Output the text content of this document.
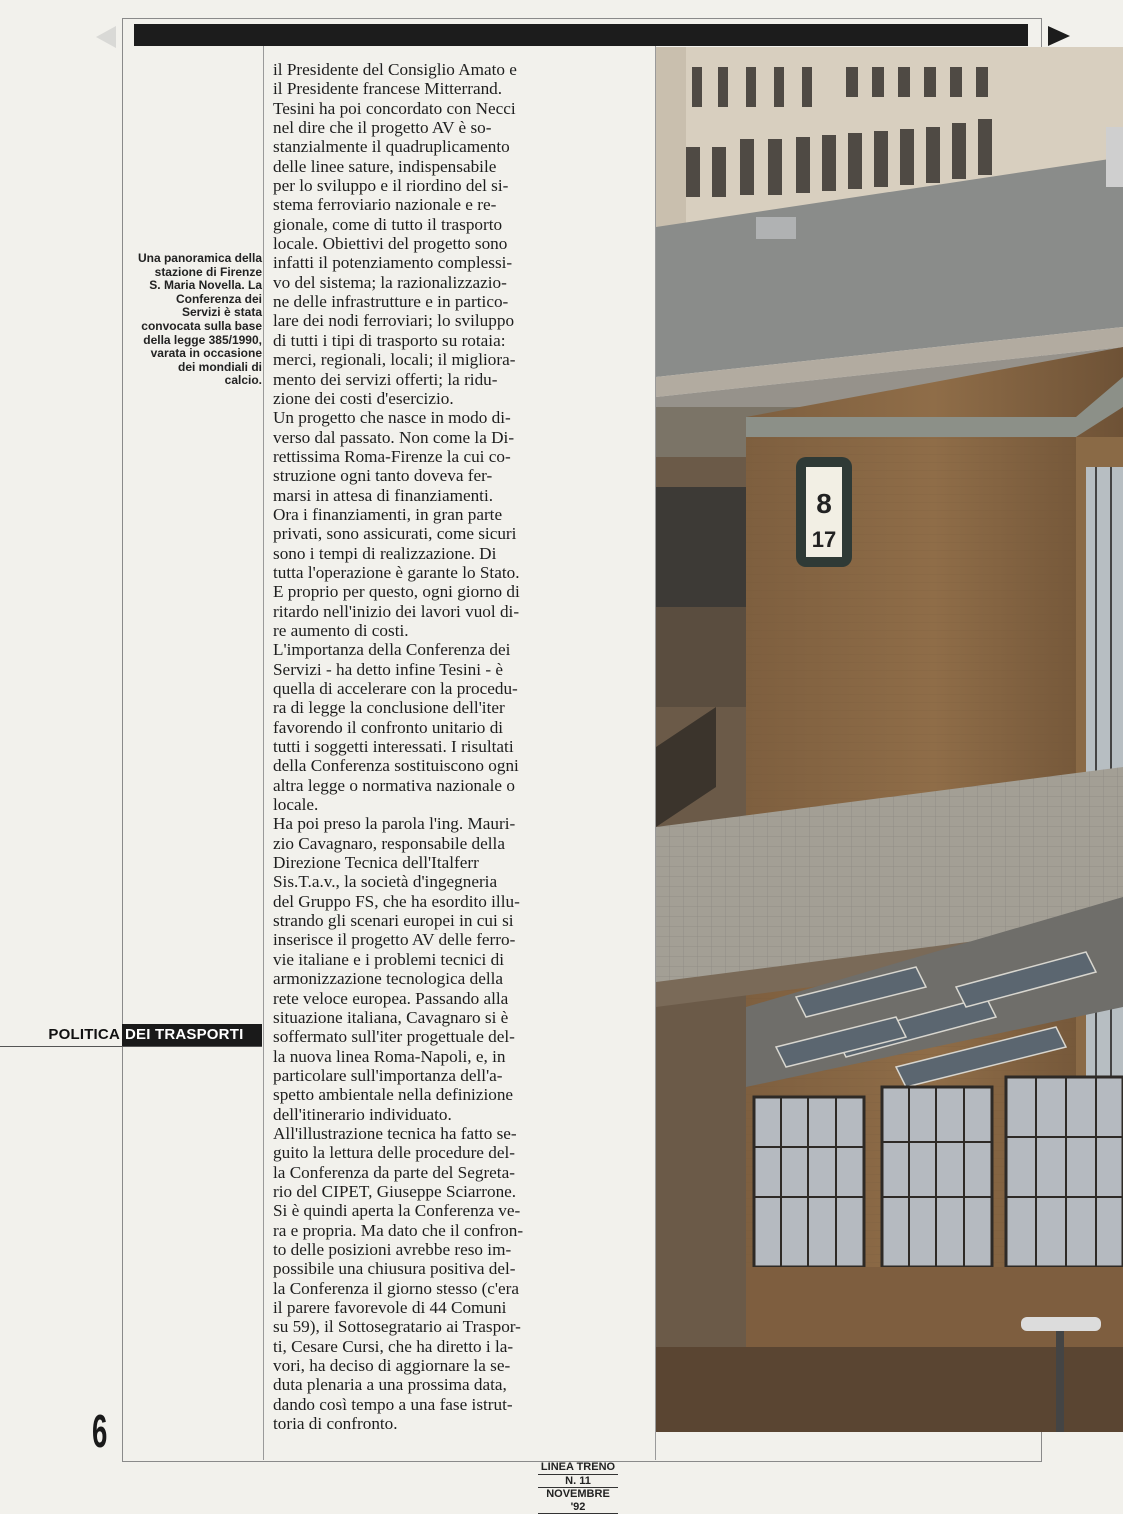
Una panoramica della
stazione di Firenze
S. Maria Novella. La
Conferenza dei
Servizi è stata
convocata sulla base
della legge 385/1990,
varata in occasione
dei mondiali di
calcio.
POLITICA DEI TRASPORTI
6
il Presidente del Consiglio Amato e
il Presidente francese Mitterrand.
Tesini ha poi concordato con Necci
nel dire che il progetto AV è so-
stanzialmente il quadruplicamento
delle linee sature, indispensabile
per lo sviluppo e il riordino del si-
stema ferroviario nazionale e re-
gionale, come di tutto il trasporto
locale. Obiettivi del progetto sono
infatti il potenziamento complessi-
vo del sistema; la razionalizzazio-
ne delle infrastrutture e in partico-
lare dei nodi ferroviari; lo sviluppo
di tutti i tipi di trasporto su rotaia:
merci, regionali, locali; il migliora-
mento dei servizi offerti; la ridu-
zione dei costi d'esercizio.
Un progetto che nasce in modo di-
verso dal passato. Non come la Di-
rettissima Roma-Firenze la cui co-
struzione ogni tanto doveva fer-
marsi in attesa di finanziamenti.
Ora i finanziamenti, in gran parte
privati, sono assicurati, come sicuri
sono i tempi di realizzazione. Di
tutta l'operazione è garante lo Stato.
E proprio per questo, ogni giorno di
ritardo nell'inizio dei lavori vuol di-
re aumento di costi.
L'importanza della Conferenza dei
Servizi - ha detto infine Tesini - è
quella di accelerare con la procedu-
ra di legge la conclusione dell'iter
favorendo il confronto unitario di
tutti i soggetti interessati. I risultati
della Conferenza sostituiscono ogni
altra legge o normativa nazionale o
locale.
Ha poi preso la parola l'ing. Mauri-
zio Cavagnaro, responsabile della
Direzione Tecnica dell'Italferr
Sis.T.a.v., la società d'ingegneria
del Gruppo FS, che ha esordito illu-
strando gli scenari europei in cui si
inserisce il progetto AV delle ferro-
vie italiane e i problemi tecnici di
armonizzazione tecnologica della
rete veloce europea. Passando alla
situazione italiana, Cavagnaro si è
soffermato sull'iter progettuale del-
la nuova linea Roma-Napoli, e, in
particolare sull'importanza dell'a-
spetto ambientale nella definizione
dell'itinerario individuato.
All'illustrazione tecnica ha fatto se-
guito la lettura delle procedure del-
la Conferenza da parte del Segreta-
rio del CIPET, Giuseppe Sciarrone.
Si è quindi aperta la Conferenza ve-
ra e propria. Ma dato che il confron-
to delle posizioni avrebbe reso im-
possibile una chiusura positiva del-
la Conferenza il giorno stesso (c'era
il parere favorevole di 44 Comuni
su 59), il Sottosegratario ai Traspor-
ti, Cesare Cursi, che ha diretto i la-
vori, ha deciso di aggiornare la se-
duta plenaria a una prossima data,
dando così tempo a una fase istrut-
toria di confronto.
8
17
LINEA TRENO
N. 11
NOVEMBRE '92
